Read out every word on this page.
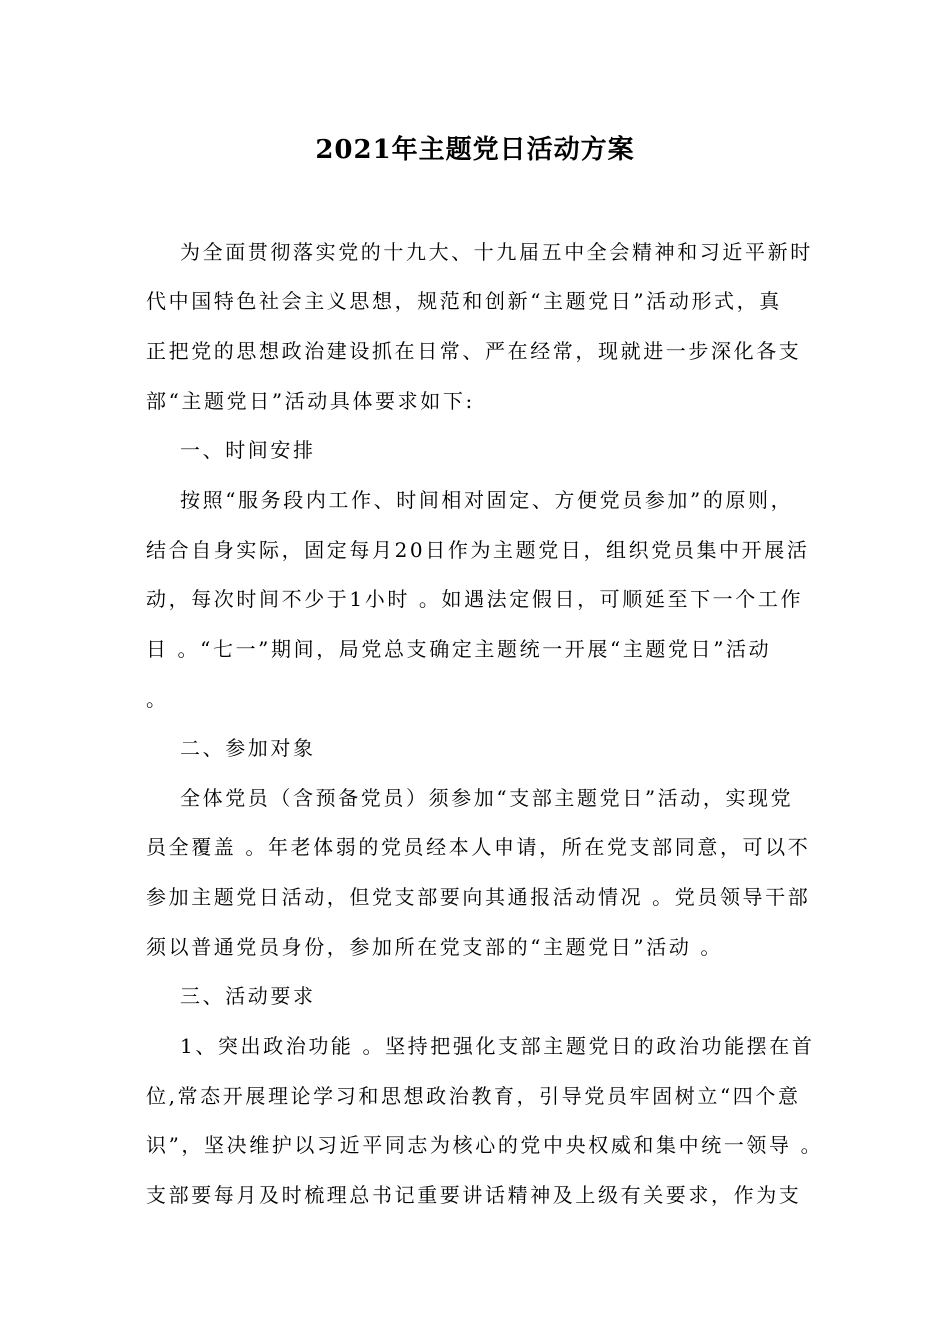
2021年主题党日活动方案
为全面贯彻落实党的十九大、十九届五中全会精神和习近平新时
代中国特色社会主义思想，规范和创新“主题党日”活动形式，真
正把党的思想政治建设抓在日常、严在经常，现就进一步深化各支
部“主题党日”活动具体要求如下:
一、时间安排
按照“服务段内工作、时间相对固定、方便党员参加”的原则，
结合自身实际，固定每月20日作为主题党日，组织党员集中开展活
动，每次时间不少于1小时 。如遇法定假日，可顺延至下一个工作
日 。“七一”期间，局党总支确定主题统一开展“主题党日”活动
。
二、参加对象
全体党员（含预备党员）须参加“支部主题党日”活动，实现党
员全覆盖 。年老体弱的党员经本人申请，所在党支部同意，可以不
参加主题党日活动，但党支部要向其通报活动情况 。党员领导干部
须以普通党员身份，参加所在党支部的“主题党日”活动 。
三、活动要求
1、突出政治功能 。坚持把强化支部主题党日的政治功能摆在首
位,常态开展理论学习和思想政治教育，引导党员牢固树立“四个意
识”，坚决维护以习近平同志为核心的党中央权威和集中统一领导 。
支部要每月及时梳理总书记重要讲话精神及上级有关要求，作为支
